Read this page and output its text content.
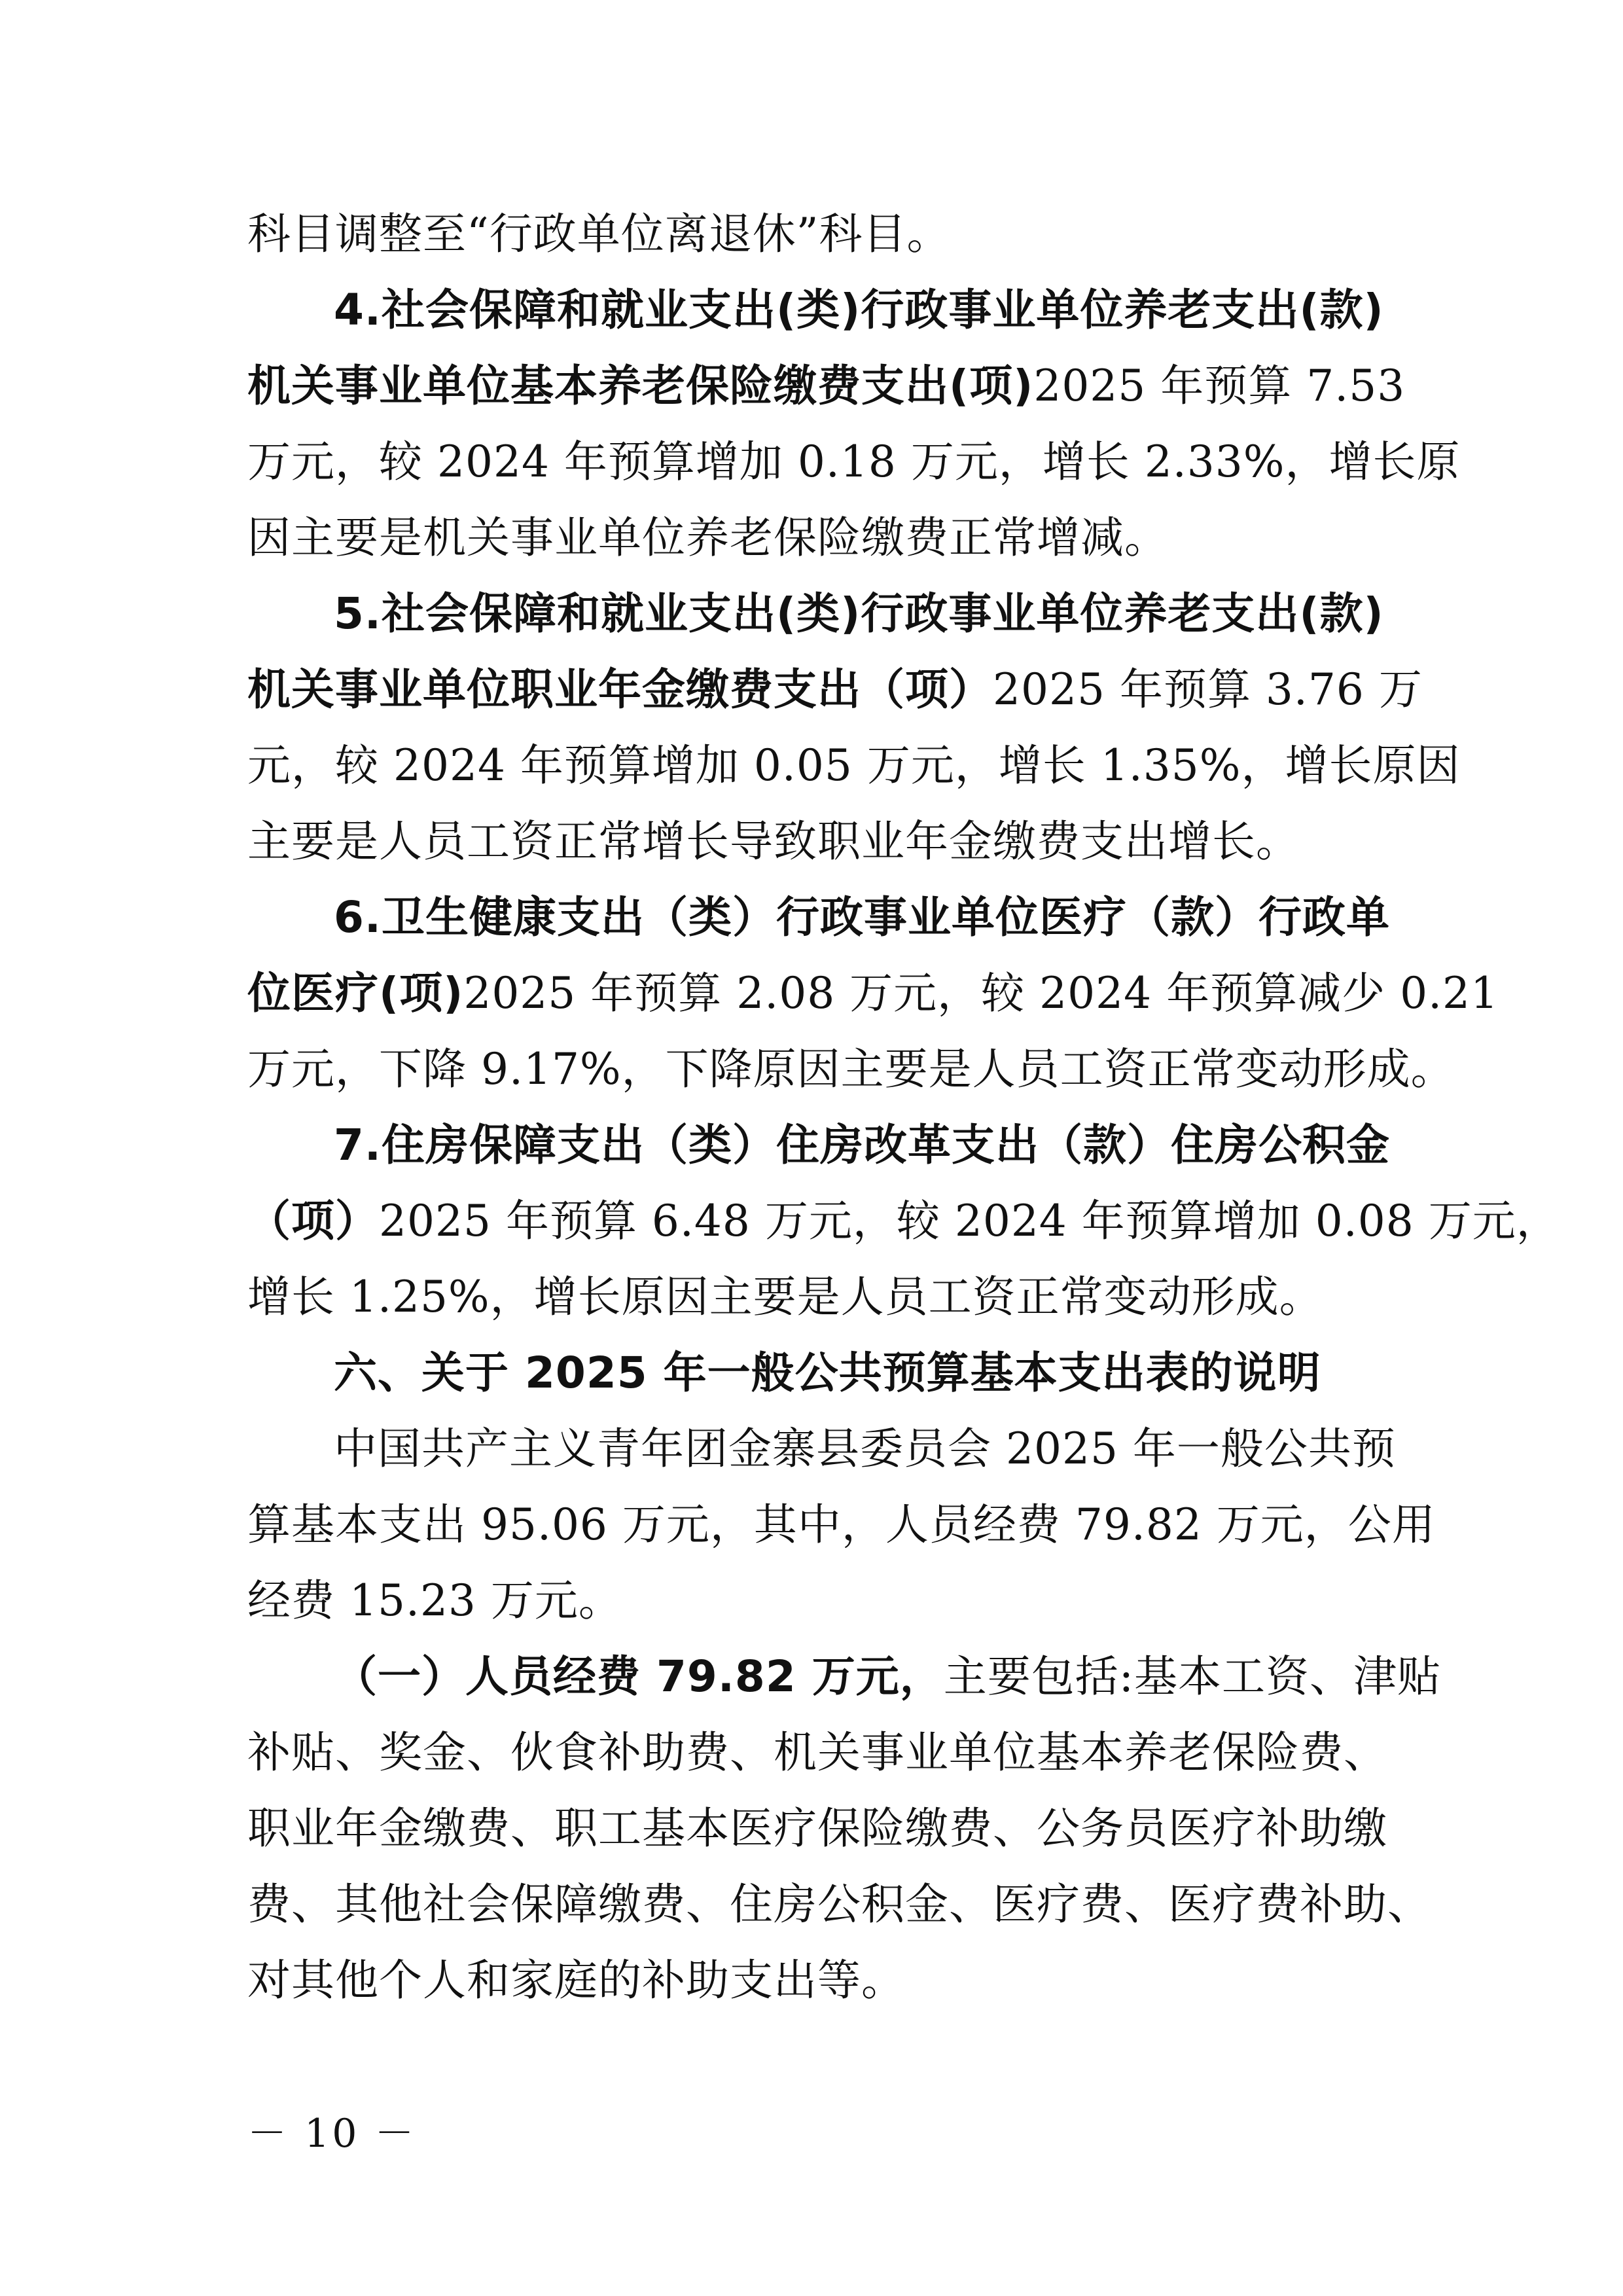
科目调整至“行政单位离退休”科目。
4.社会保障和就业支出(类)行政事业单位养老支出(款)
机关事业单位基本养老保险缴费支出(项)2025 年预算 7.53
万元，较 2024 年预算增加 0.18 万元，增长 2.33%，增长原
因主要是机关事业单位养老保险缴费正常增减。
5.社会保障和就业支出(类)行政事业单位养老支出(款)
机关事业单位职业年金缴费支出（项）2025 年预算 3.76 万
元，较 2024 年预算增加 0.05 万元，增长 1.35%，增长原因
主要是人员工资正常增长导致职业年金缴费支出增长。
6.卫生健康支出（类）行政事业单位医疗（款）行政单
位医疗(项)2025 年预算 2.08 万元，较 2024 年预算减少 0.21
万元，下降 9.17%，下降原因主要是人员工资正常变动形成。
7.住房保障支出（类）住房改革支出（款）住房公积金
（项）2025 年预算 6.48 万元，较 2024 年预算增加 0.08 万元，
增长 1.25%，增长原因主要是人员工资正常变动形成。
六、关于 2025 年一般公共预算基本支出表的说明
中国共产主义青年团金寨县委员会 2025 年一般公共预
算基本支出 95.06 万元，其中，人员经费 79.82 万元，公用
经费 15.23 万元。
（一）人员经费 79.82 万元，主要包括:基本工资、津贴
补贴、奖金、伙食补助费、机关事业单位基本养老保险费、
职业年金缴费、职工基本医疗保险缴费、公务员医疗补助缴
费、其他社会保障缴费、住房公积金、医疗费、医疗费补助、
对其他个人和家庭的补助支出等。
－ 10 －
